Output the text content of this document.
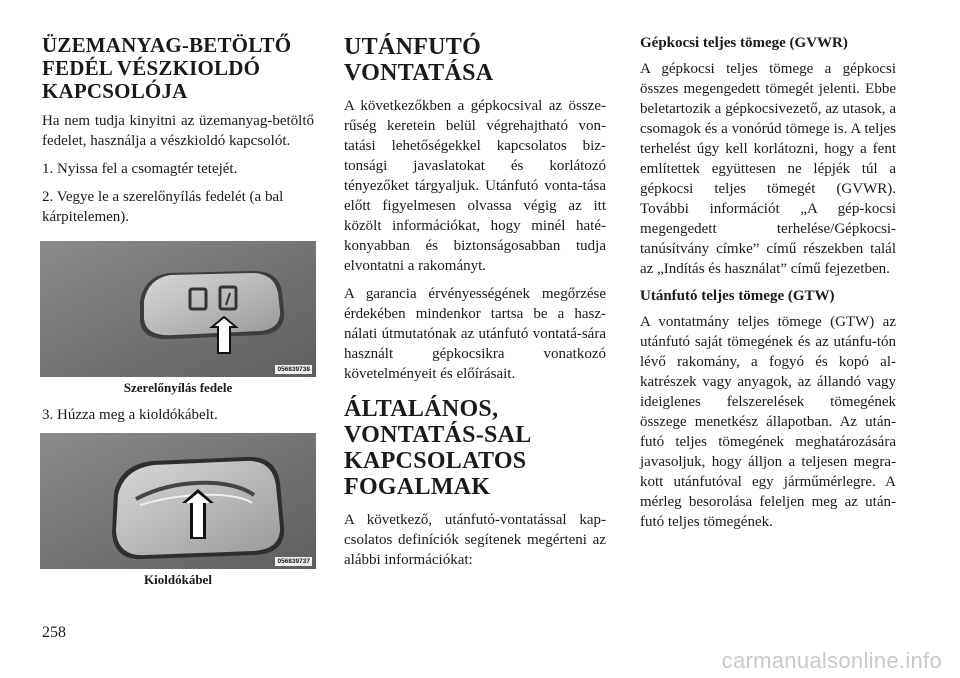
ÜZEMANYAG-BETÖLTŐ FEDÉL VÉSZKIOLDÓ KAPCSOLÓJA

Ha nem tudja kinyitni az üzemanyag-betöltő fedelet, használja a vészkioldó kapcsolót.

1. Nyissa fel a csomagtér tetejét.

2. Vegye le a szerelőnyílás fedelét (a bal kárpitelemen).

056839738
Szerelőnyílás fedele

3. Húzza meg a kioldókábelt.

056839737
Kioldókábel
UTÁNFUTÓ VONTATÁSA

A következőkben a gépkocsival az össze-rűség keretein belül végrehajtható von-tatási lehetőségekkel kapcsolatos biz-tonsági javaslatokat és korlátozó tényezőket tárgyaljuk. Utánfutó vonta-tása előtt figyelmesen olvassa végig az itt közölt információkat, hogy minél haté-konyabban és biztonságosabban tudja elvontatni a rakományt.

A garancia érvényességének megőrzése érdekében mindenkor tartsa be a hasz-nálati útmutatónak az utánfutó vontatá-sára használt gépkocsikra vonatkozó követelményeit és előírásait.

ÁLTALÁNOS, VONTATÁS-SAL KAPCSOLATOS FOGALMAK

A következő, utánfutó-vontatással kap-csolatos definíciók segítenek megérteni az alábbi információkat:

Gépkocsi teljes tömege (GVWR)

A gépkocsi teljes tömege a gépkocsi összes megengedett tömegét jelenti. Ebbe beletartozik a gépkocsivezető, az utasok, a csomagok és a vonórúd tömege is. A teljes terhelést úgy kell korlátozni, hogy a fent említettek együttesen ne lépjék túl a gépkocsi teljes tömegét (GVWR). További információt „A gép-kocsi megengedett terhelése/Gépkocsi-tanúsítvány címke” című részekben talál az „Indítás és használat” című fejezetben.

Utánfutó teljes tömege (GTW)

A vontatmány teljes tömege (GTW) az utánfutó saját tömegének és az utánfu-tón lévő rakomány, a fogyó és kopó al-katrészek vagy anyagok, az állandó vagy ideiglenes felszerelések tömegének összege menetkész állapotban. Az után-futó teljes tömegének meghatározására javasoljuk, hogy álljon a teljesen megra-kott utánfutóval egy járműmérlegre. A mérleg besorolása feleljen meg az után-futó teljes tömegének.

258
carmanualsonline.info
